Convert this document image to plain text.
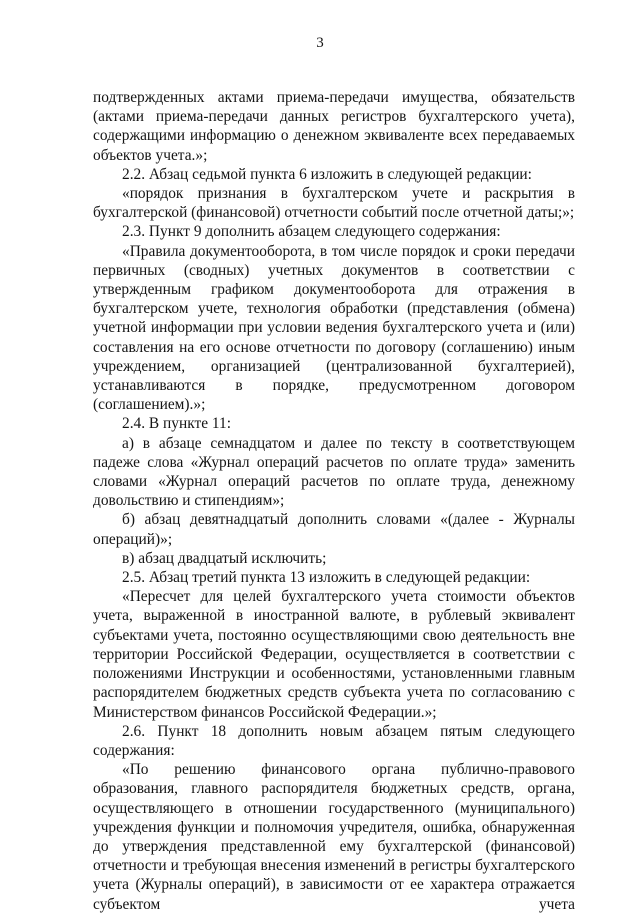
3

подтвержденных актами приема-передачи имущества, обязательств (актами приема-передачи данных регистров бухгалтерского учета), содержащими информацию о денежном эквиваленте всех передаваемых объектов учета.»;

2.2. Абзац седьмой пункта 6 изложить в следующей редакции:

«порядок признания в бухгалтерском учете и раскрытия в бухгалтерской (финансовой) отчетности событий после отчетной даты;»;

2.3. Пункт 9 дополнить абзацем следующего содержания:

«Правила документооборота, в том числе порядок и сроки передачи первичных (сводных) учетных документов в соответствии с утвержденным графиком документооборота для отражения в бухгалтерском учете, технология обработки (представления (обмена) учетной информации при условии ведения бухгалтерского учета и (или) составления на его основе отчетности по договору (соглашению) иным учреждением, организацией (централизованной бухгалтерией), устанавливаются в порядке, предусмотренном договором (соглашением).»;

2.4. В пункте 11:

а) в абзаце семнадцатом и далее по тексту в соответствующем падеже слова «Журнал операций расчетов по оплате труда» заменить словами «Журнал операций расчетов по оплате труда, денежному довольствию и стипендиям»;

б) абзац девятнадцатый дополнить словами «(далее - Журналы операций)»;

в) абзац двадцатый исключить;

2.5. Абзац третий пункта 13 изложить в следующей редакции:

«Пересчет для целей бухгалтерского учета стоимости объектов учета, выраженной в иностранной валюте, в рублевый эквивалент субъектами учета, постоянно осуществляющими свою деятельность вне территории Российской Федерации, осуществляется в соответствии с положениями Инструкции и особенностями, установленными главным распорядителем бюджетных средств субъекта учета по согласованию с Министерством финансов Российской Федерации.»;

2.6. Пункт 18 дополнить новым абзацем пятым следующего содержания:

«По решению финансового органа публично-правового образования, главного распорядителя бюджетных средств, органа, осуществляющего в отношении государственного (муниципального) учреждения функции и полномочия учредителя, ошибка, обнаруженная до утверждения представленной ему бухгалтерской (финансовой) отчетности и требующая внесения изменений в регистры бухгалтерского учета (Журналы операций), в зависимости от ее характера отражается субъектом учета
